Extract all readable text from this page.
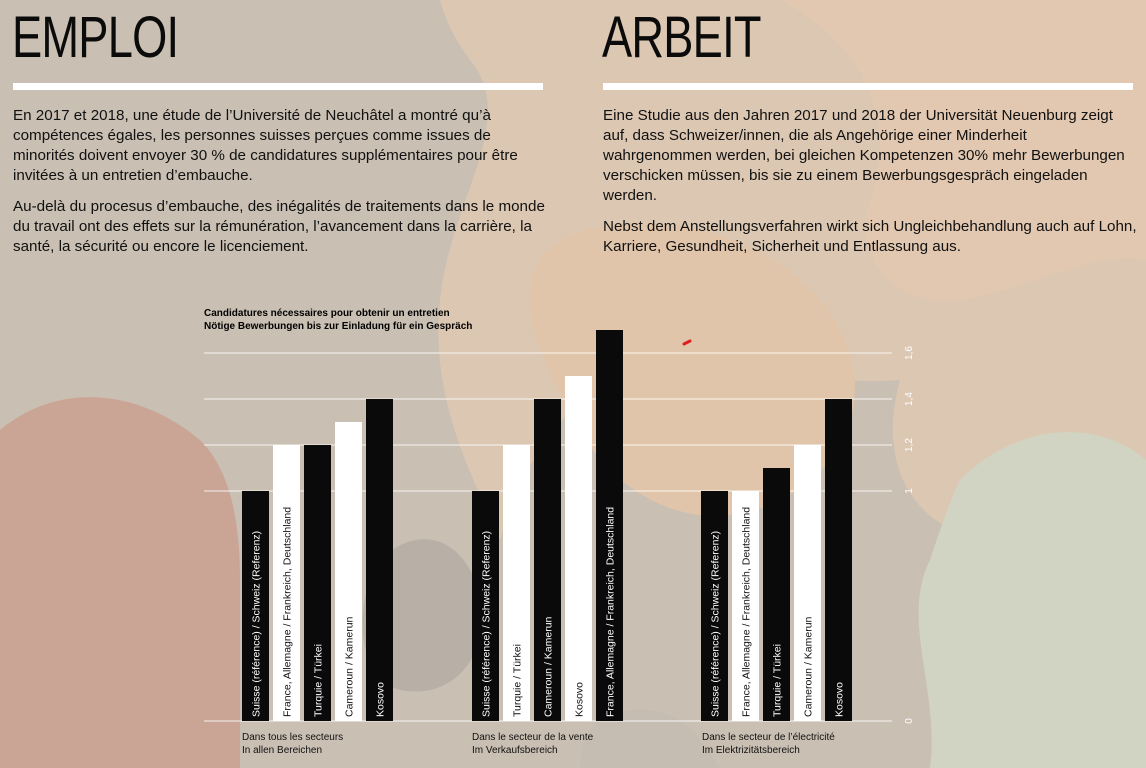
EMPLOI	ARBEIT

En 2017 et 2018, une étude de l’Université de Neuchâtel a montré qu’à compétences égales, les personnes suisses perçues comme issues de minorités doivent envoyer 30 % de candidatures supplémentaires pour être invitées à un entretien d’embauche.

Au-delà du procesus d’embauche, des inégalités de traitements dans le monde du travail ont des effets sur la rémunération, l’avancement dans la carrière, la santé, la sécurité ou encore le licenciement.

Eine Studie aus den Jahren 2017 und 2018 der Universität Neuenburg zeigt auf, dass Schweizer/innen, die als Angehörige einer Minderheit wahrgenommen werden, bei gleichen Kompetenzen 30% mehr Bewerbungen verschicken müssen, bis sie zu einem Bewerbungsgespräch eingeladen werden.

Nebst dem Anstellungsverfahren wirkt sich Ungleichbehandlung auch auf Lohn, Karriere, Gesundheit, Sicherheit und Entlassung aus.

Candidatures nécessaires pour obtenir un entretien
Nötige Bewerbungen bis zur Einladung für ein Gespräch
0
1
1,2
1,4
1,6
Suisse (référence) / Schweiz (Referenz) France, Allemagne / Frankreich, Deutschland Turquie / Türkei Cameroun / Kamerun Kosovo	Suisse (référence) / Schweiz (Referenz) Turquie / Türkei Cameroun / Kamerun Kosovo France, Allemagne / Frankreich, Deutschland	Suisse (référence) / Schweiz (Referenz) France, Allemagne / Frankreich, Deutschland Turquie / Türkei Cameroun / Kamerun Kosovo
Dans tous les secteurs
In allen Bereichen
Dans le secteur de la vente
Im Verkaufsbereich
Dans le secteur de l’électricité
Im Elektrizitätsbereich
